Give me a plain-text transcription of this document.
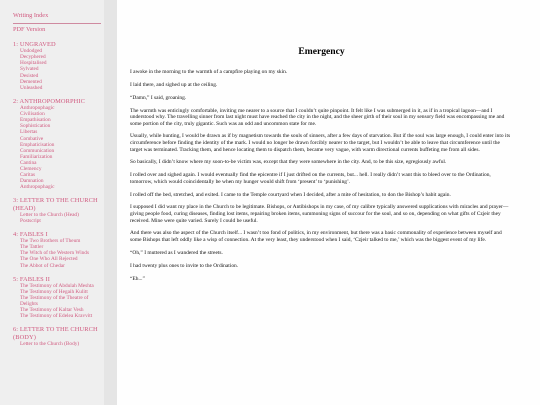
Writing Index
PDF Version
1: UNGRAVED
Undodged
Decyphered
Hospitalised
Sylvated
Desisted
Demented
Unleashed
2: ANTHROPOMORPHIC
Anthropophagic
Civilisation
Empathisation
Sophistication
Libertas
Combative
Emphaticisation
Communication
Familiarization
Cantina
Clemency
Caritas
Damnation
Anthropophagic
3: LETTER TO THE CHURCH (HEAD)
Letter to the Church (Head)
Postscript
4: FABLES I
The Two Brothers of Theum
The Tattler
The Witch of the Western Winds
The One Who All Rejected
The Abbot of Chedar
5: FABLES II
The Testimony of Abdulah Meshta
The Testimony of Hegaih Kulitt
The Testimony of the Theatre of Delights
The Testimony of Kaltar Vesh
The Testimony of Edelea Kravvitt
6: LETTER TO THE CHURCH (BODY)
Letter to the Church (Body)
Emergency

I awoke in the morning to the warmth of a campfire playing on my skin.

I laid there, and sighed up at the ceiling.

“Damn,” I said, groaning.

The warmth was enticingly comfortable, inviting me nearer to a source that I couldn’t quite pinpoint. It felt like I was submerged in it, as if in a tropical lagoon—and I understood why. The travelling sinner from last night must have reached the city in the night, and the sheer girth of their soul in my sensory field was encompassing me and some portion of the city, truly gigantic. Such was an odd and uncommon state for me.

Usually, while hunting, I would be drawn as if by magnetism towards the souls of sinners, after a few days of starvation. But if the soul was large enough, I could enter into its circumference before finding the identity of the mark. I would no longer be drawn forcibly nearer to the target, but I wouldn’t be able to leave that circumference until the target was terminated. Tracking them, and hence locating them to dispatch them, became very vague, with warm directional currents buffeting me from all sides.

So basically, I didn’t know where my soon-to-be victim was, except that they were somewhere in the city. And, to be this size, egregiously awful.

I rolled over and sighed again. I would eventually find the epicentre if I just drifted on the currents, but... hell. I really didn’t want this to bleed over to the Ordination, tomorrow, which would coincidentally be when my hunger would shift from ‘present’ to ‘punishing’.

I rolled off the bed, stretched, and exited. I came to the Temple courtyard when I decided, after a mite of hesitation, to don the Bishop’s habit again.

I supposed I did want my place in the Church to be legitimate. Bishops, or Antibishops in my case, of my calibre typically answered supplications with miracles and prayer—giving people food, curing diseases, finding lost items, repairing broken items, summoning signs of succour for the soul, and so on, depending on what gifts of Czjeir they received. Mine were quite varied. Surely I could be useful.

And there was also the aspect of the Church itself... I wasn’t too fond of politics, in my environment, but there was a basic commonality of experience between myself and some Bishops that left oddly like a wisp of connection. At the very least, they understood when I said, ‘Czjeir talked to me,’ which was the biggest event of my life.

“Oh,” I muttered as I wandered the streets.

I had twenty plus ones to invite to the Ordination.

“Eh...”
